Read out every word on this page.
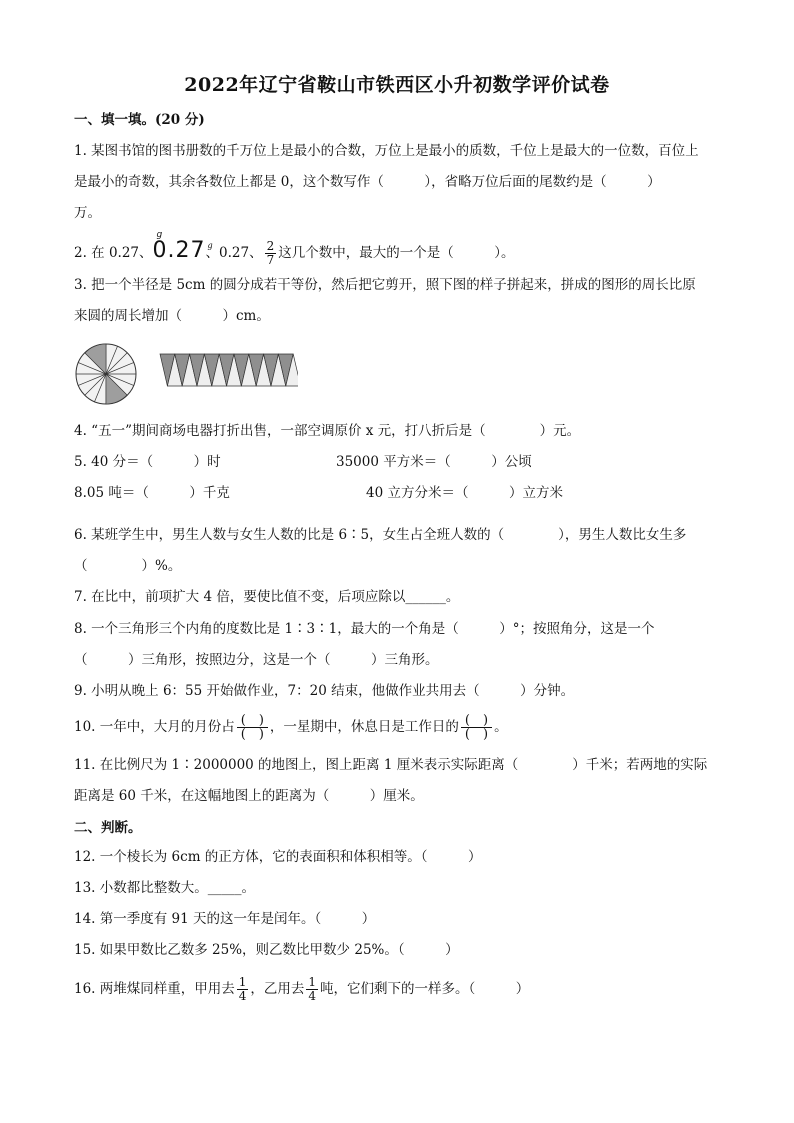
2022年辽宁省鞍山市铁西区小升初数学评价试卷
一、填一填。(20 分)
1. 某图书馆的图书册数的千万位上是最小的合数，万位上是最小的质数，千位上是最大的一位数，百位上
是最小的奇数，其余各数位上都是 0，这个数写作（　　　），省略万位后面的尾数约是（　　　）
万。
2. 在 0.27、g 0.27g 、0.27、 $\frac{2}{7}$ 这几个数中，最大的一个是（　　　）。
3. 把一个半径是 5cm 的圆分成若干等份，然后把它剪开，照下图的样子拼起来，拼成的图形的周长比原
来圆的周长增加（　　　）cm。
4. “五一”期间商场电器打折出售，一部空调原价 x 元，打八折后是（　　　　）元。
5. 40 分＝（　　　）时	35000 平方米＝（　　　）公顷
8.05 吨＝（　　　）千克	40 立方分米＝（　　　）立方米
6. 某班学生中，男生人数与女生人数的比是 6∶5，女生占全班人数的（　　　　），男生人数比女生多
（　　　　）%。
7. 在比中，前项扩大 4 倍，要使比值不变，后项应除以______。
8. 一个三角形三个内角的度数比是 1∶3∶1，最大的一个角是（　　　）°；按照角分，这是一个
（　　　）三角形，按照边分，这是一个（　　　）三角形。
9. 小明从晚上 6：55 开始做作业，7：20 结束，他做作业共用去（　　　）分钟。
10. 一年中，大月的月份占 $\frac{( )}{( )}$ ，一星期中，休息日是工作日的 $\frac{( )}{( )}$ 。
11. 在比例尺为 1∶2000000 的地图上，图上距离 1 厘米表示实际距离（　　　　）千米；若两地的实际
距离是 60 千米，在这幅地图上的距离为（　　　）厘米。
二、判断。
12. 一个棱长为 6cm 的正方体，它的表面积和体积相等。（　　　）
13. 小数都比整数大。_____。
14. 第一季度有 91 天的这一年是闰年。（　　　）
15. 如果甲数比乙数多 25%，则乙数比甲数少 25%。（　　　）
16. 两堆煤同样重，甲用去 $\frac{1}{4}$ ，乙用去 $\frac{1}{4}$ 吨，它们剩下的一样多。（　　　）
